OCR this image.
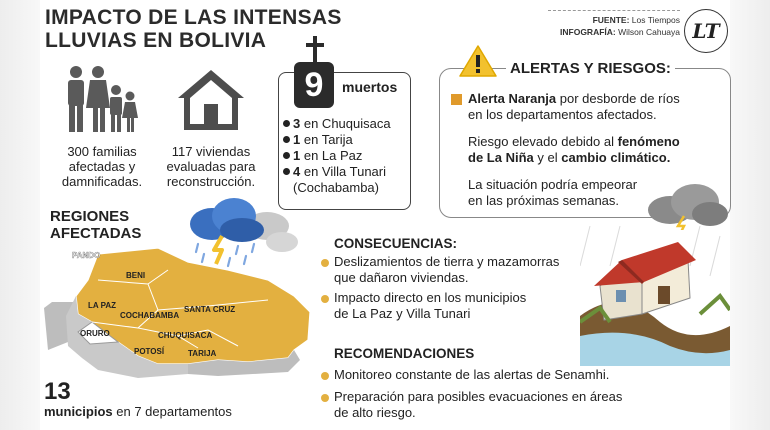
IMPACTO DE LAS INTENSAS
LLUVIAS EN BOLIVIA
FUENTE: Los Tiempos
INFOGRAFÍA: Wilson Cahuaya LT
300 familias
afectadas y
damnificadas.
117 viviendas
evaluadas para
reconstrucción.
9	muertos
3 en Chuquisaca
1 en Tarija
1 en La Paz
4 en Villa Tunari
(Cochabamba)
ALERTAS Y RIESGOS:
Alerta Naranja por desborde de ríos
en los departamentos afectados.
Riesgo elevado debido al fenómeno
de La Niña y el cambio climático.
La situación podría empeorar
en las próximas semanas.
REGIONES
AFECTADAS
PANDO
BENI
LA PAZ
COCHABAMBA
SANTA CRUZ
ORURO	CHUQUISACA
POTOSÍ	TARIJA
13
municipios en 7 departamentos
CONSECUENCIAS:
Deslizamientos de tierra y mazamorras
que dañaron viviendas.
Impacto directo en los municipios
de La Paz y Villa Tunari
RECOMENDACIONES
Monitoreo constante de las alertas de Senamhi.
Preparación para posibles evacuaciones en áreas
de alto riesgo.
